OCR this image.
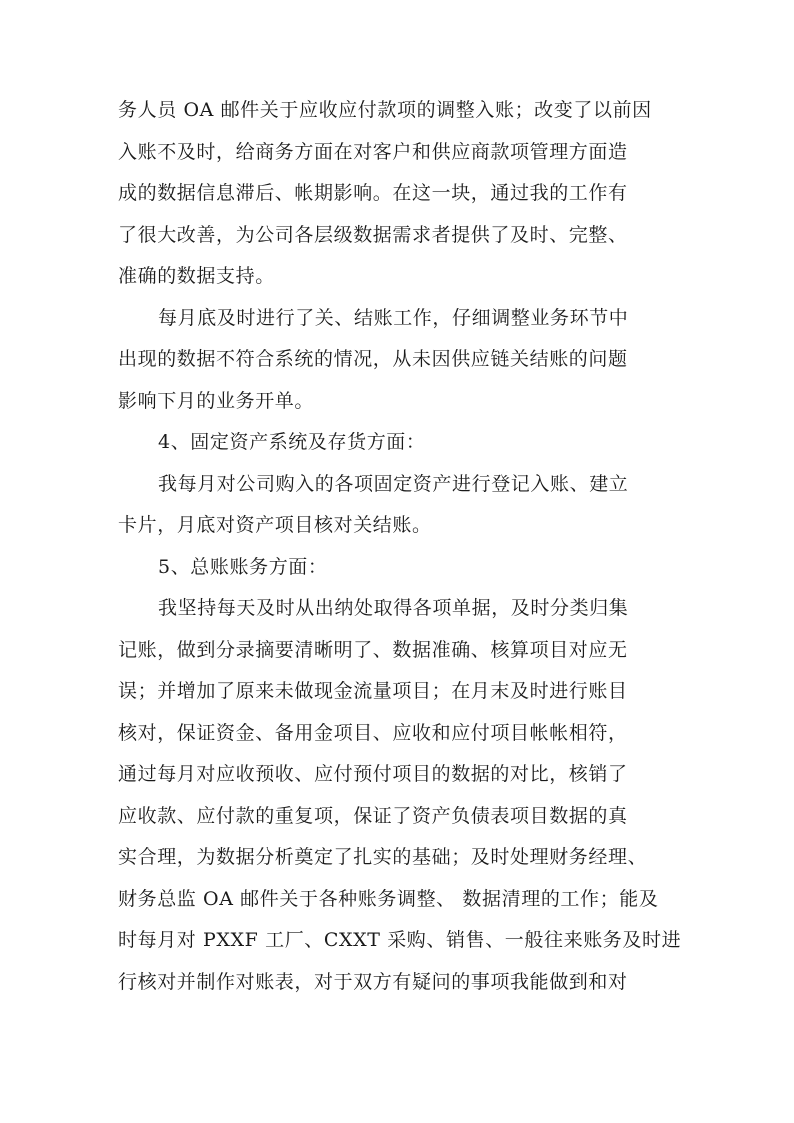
务人员 OA 邮件关于应收应付款项的调整入账；改变了以前因
入账不及时，给商务方面在对客户和供应商款项管理方面造
成的数据信息滞后、帐期影响。在这一块，通过我的工作有
了很大改善，为公司各层级数据需求者提供了及时、完整、
准确的数据支持。
每月底及时进行了关、结账工作，仔细调整业务环节中
出现的数据不符合系统的情况，从未因供应链关结账的问题
影响下月的业务开单。
4、固定资产系统及存货方面：
我每月对公司购入的各项固定资产进行登记入账、建立
卡片，月底对资产项目核对关结账。
5、总账账务方面：
我坚持每天及时从出纳处取得各项单据，及时分类归集
记账，做到分录摘要清晰明了、数据准确、核算项目对应无
误；并增加了原来未做现金流量项目；在月末及时进行账目
核对，保证资金、备用金项目、应收和应付项目帐帐相符，
通过每月对应收预收、应付预付项目的数据的对比，核销了
应收款、应付款的重复项，保证了资产负债表项目数据的真
实合理，为数据分析奠定了扎实的基础；及时处理财务经理、
财务总监 OA 邮件关于各种账务调整、 数据清理的工作；能及
时每月对 PXXF 工厂、CXXT 采购、销售、一般往来账务及时进
行核对并制作对账表，对于双方有疑问的事项我能做到和对
